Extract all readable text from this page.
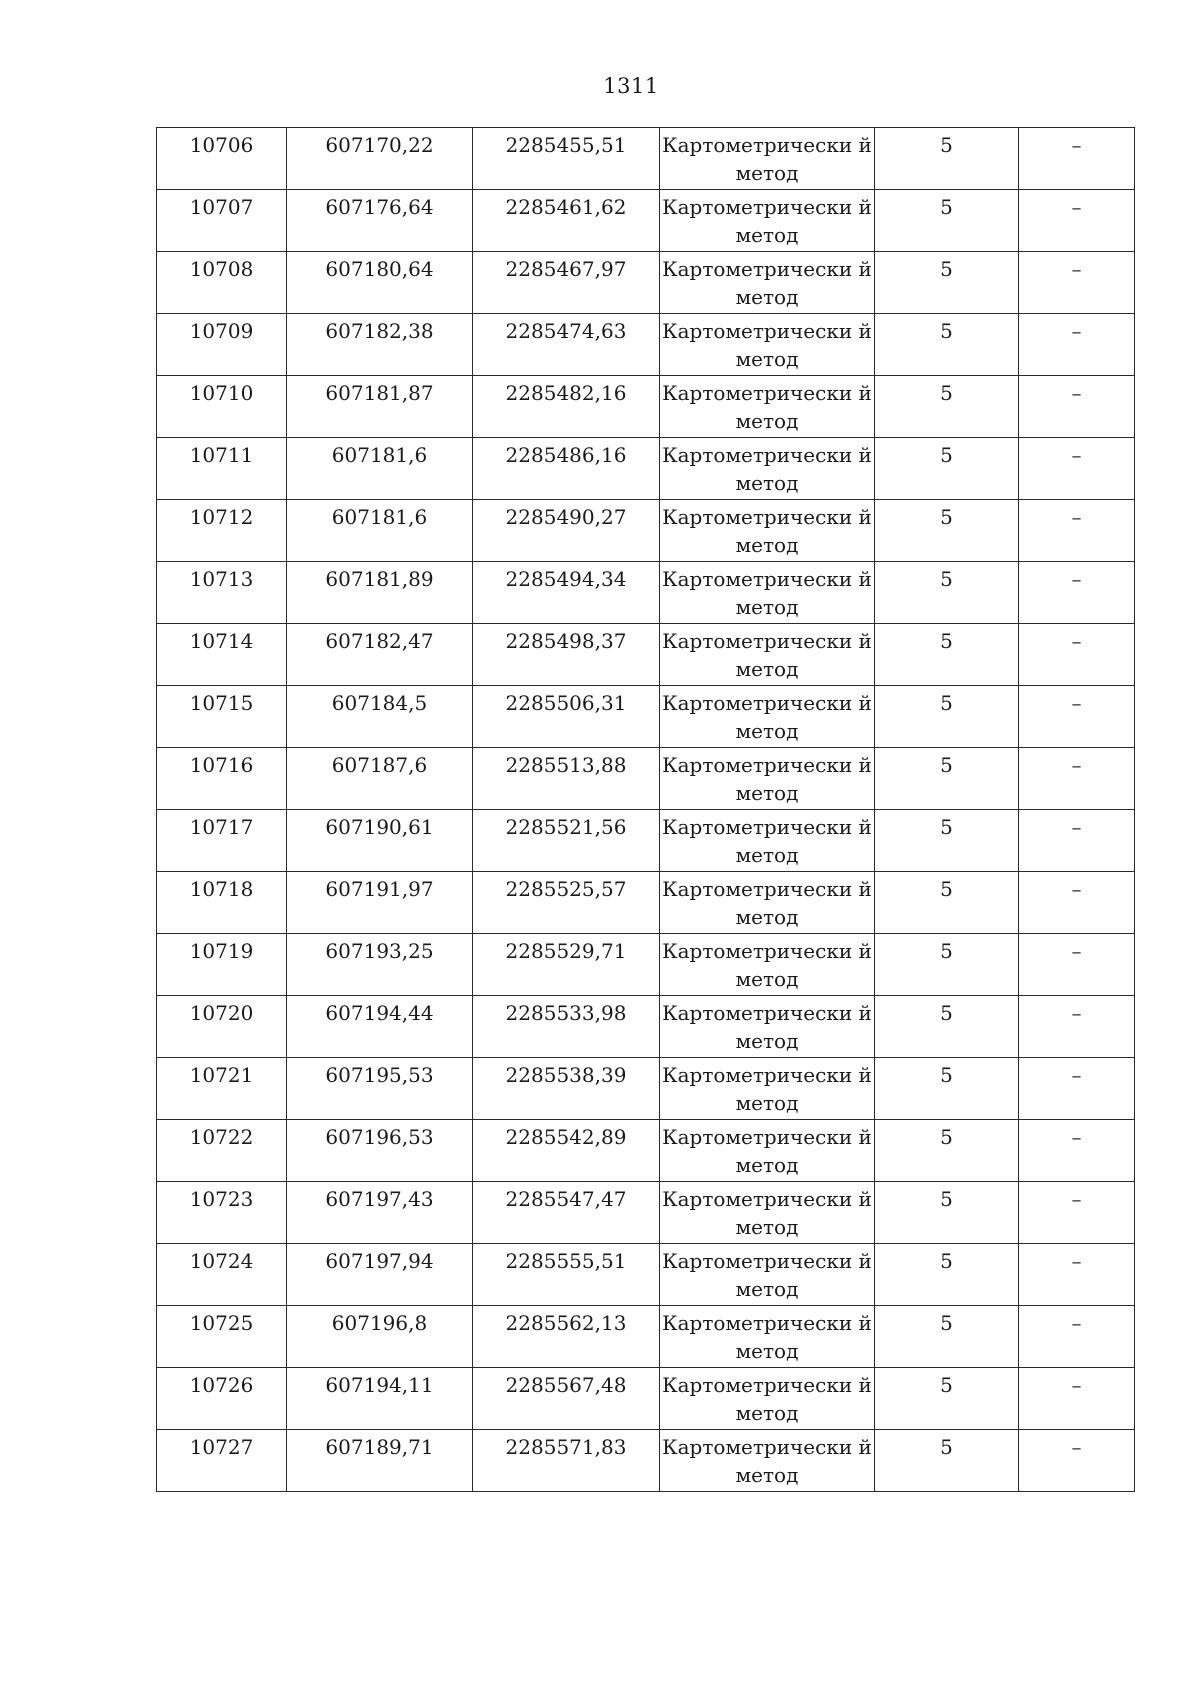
1311
10706	607170,22	2285455,51	Картометрически й метод	5	–
10707	607176,64	2285461,62	Картометрически й метод	5	–
10708	607180,64	2285467,97	Картометрически й метод	5	–
10709	607182,38	2285474,63	Картометрически й метод	5	–
10710	607181,87	2285482,16	Картометрически й метод	5	–
10711	607181,6	2285486,16	Картометрически й метод	5	–
10712	607181,6	2285490,27	Картометрически й метод	5	–
10713	607181,89	2285494,34	Картометрически й метод	5	–
10714	607182,47	2285498,37	Картометрически й метод	5	–
10715	607184,5	2285506,31	Картометрически й метод	5	–
10716	607187,6	2285513,88	Картометрически й метод	5	–
10717	607190,61	2285521,56	Картометрически й метод	5	–
10718	607191,97	2285525,57	Картометрически й метод	5	–
10719	607193,25	2285529,71	Картометрически й метод	5	–
10720	607194,44	2285533,98	Картометрически й метод	5	–
10721	607195,53	2285538,39	Картометрически й метод	5	–
10722	607196,53	2285542,89	Картометрически й метод	5	–
10723	607197,43	2285547,47	Картометрически й метод	5	–
10724	607197,94	2285555,51	Картометрически й метод	5	–
10725	607196,8	2285562,13	Картометрически й метод	5	–
10726	607194,11	2285567,48	Картометрически й метод	5	–
10727	607189,71	2285571,83	Картометрически й метод	5	–
